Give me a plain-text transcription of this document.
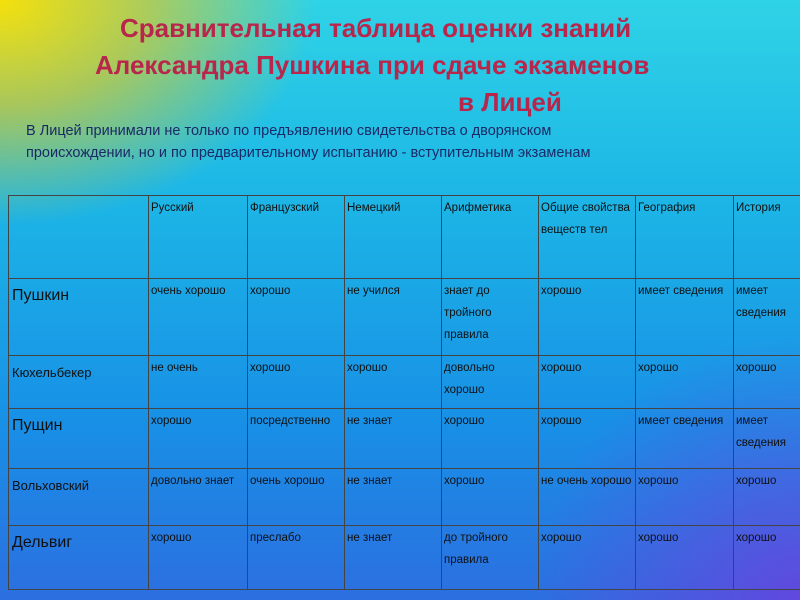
Сравнительная таблица оценки знаний
Александра Пушкина при сдаче экзаменов
в Лицей

В Лицей принимали не только по предъявлению свидетельства о дворянском
происхождении, но и по предварительному испытанию - вступительным экзаменам

	Русский	Французский	Немецкий	Арифметика	Общие свойства веществ тел	География	История
Пушкин	очень хорошо	хорошо	не учился	знает до тройного правила	хорошо	имеет сведения	имеет сведения
Кюхельбекер	не очень	хорошо	хорошо	довольно хорошо	хорошо	хорошо	хорошо
Пущин	хорошо	посредственно	не знает	хорошо	хорошо	имеет сведения	имеет сведения
Вольховский	довольно знает	очень хорошо	не знает	хорошо	не очень хорошо	хорошо	хорошо
Дельвиг	хорошо	преслабо	не знает	до тройного правила	хорошо	хорошо	хорошо
